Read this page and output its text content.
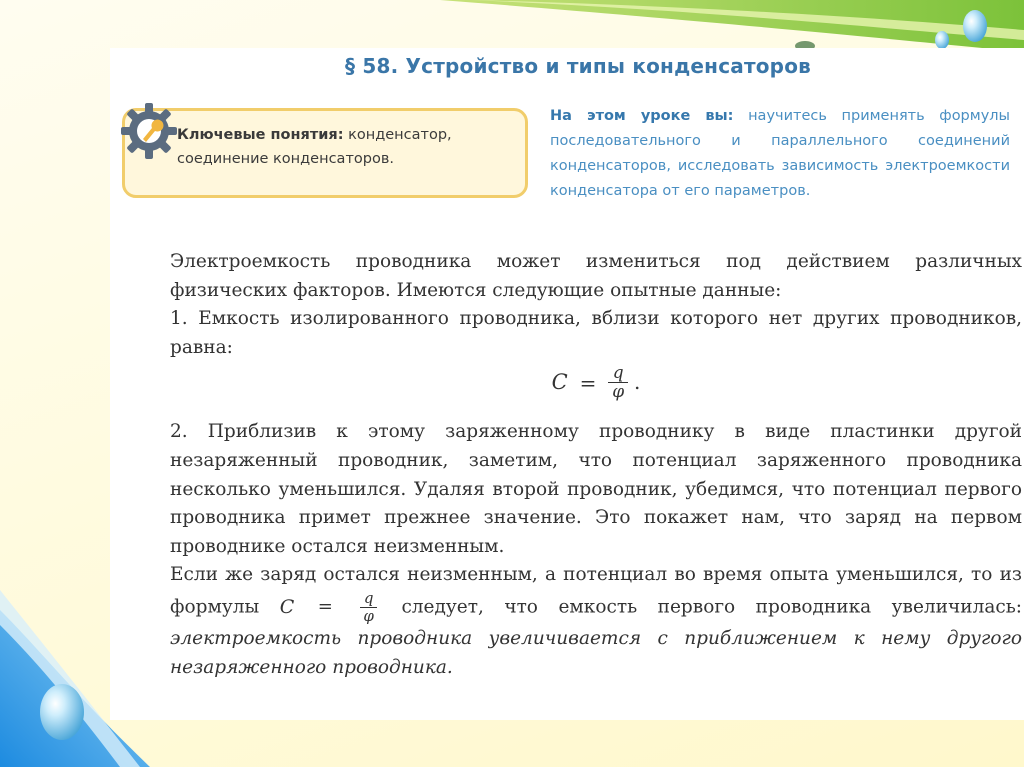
§ 58. Устройство и типы конденсаторов
Ключевые понятия: конденсатор, соединение конденсаторов.
На этом уроке вы: научитесь применять формулы последовательного и параллельного соединений конденсаторов, исследовать зависимость электроемкости конденсатора от его параметров.

Электроемкость проводника может измениться под действием различных физических факторов. Имеются следующие опытные данные:

1. Емкость изолированного проводника, вблизи которого нет других проводников, равна:

$C = \frac{q}{\varphi}$ .

2. Приблизив к этому заряженному проводнику в виде пластинки другой незаряженный проводник, заметим, что потенциал заряженного проводника несколько уменьшился. Удаляя второй проводник, убедимся, что потенциал первого проводника примет прежнее значение. Это покажет нам, что заряд на первом проводнике остался неизменным.

Если же заряд остался неизменным, а потенциал во время опыта уменьшился, то из формулы $C = \frac{q}{\varphi}$ следует, что емкость первого проводника увеличилась: электроемкость проводника увеличивается с приближением к нему другого незаряженного проводника.
